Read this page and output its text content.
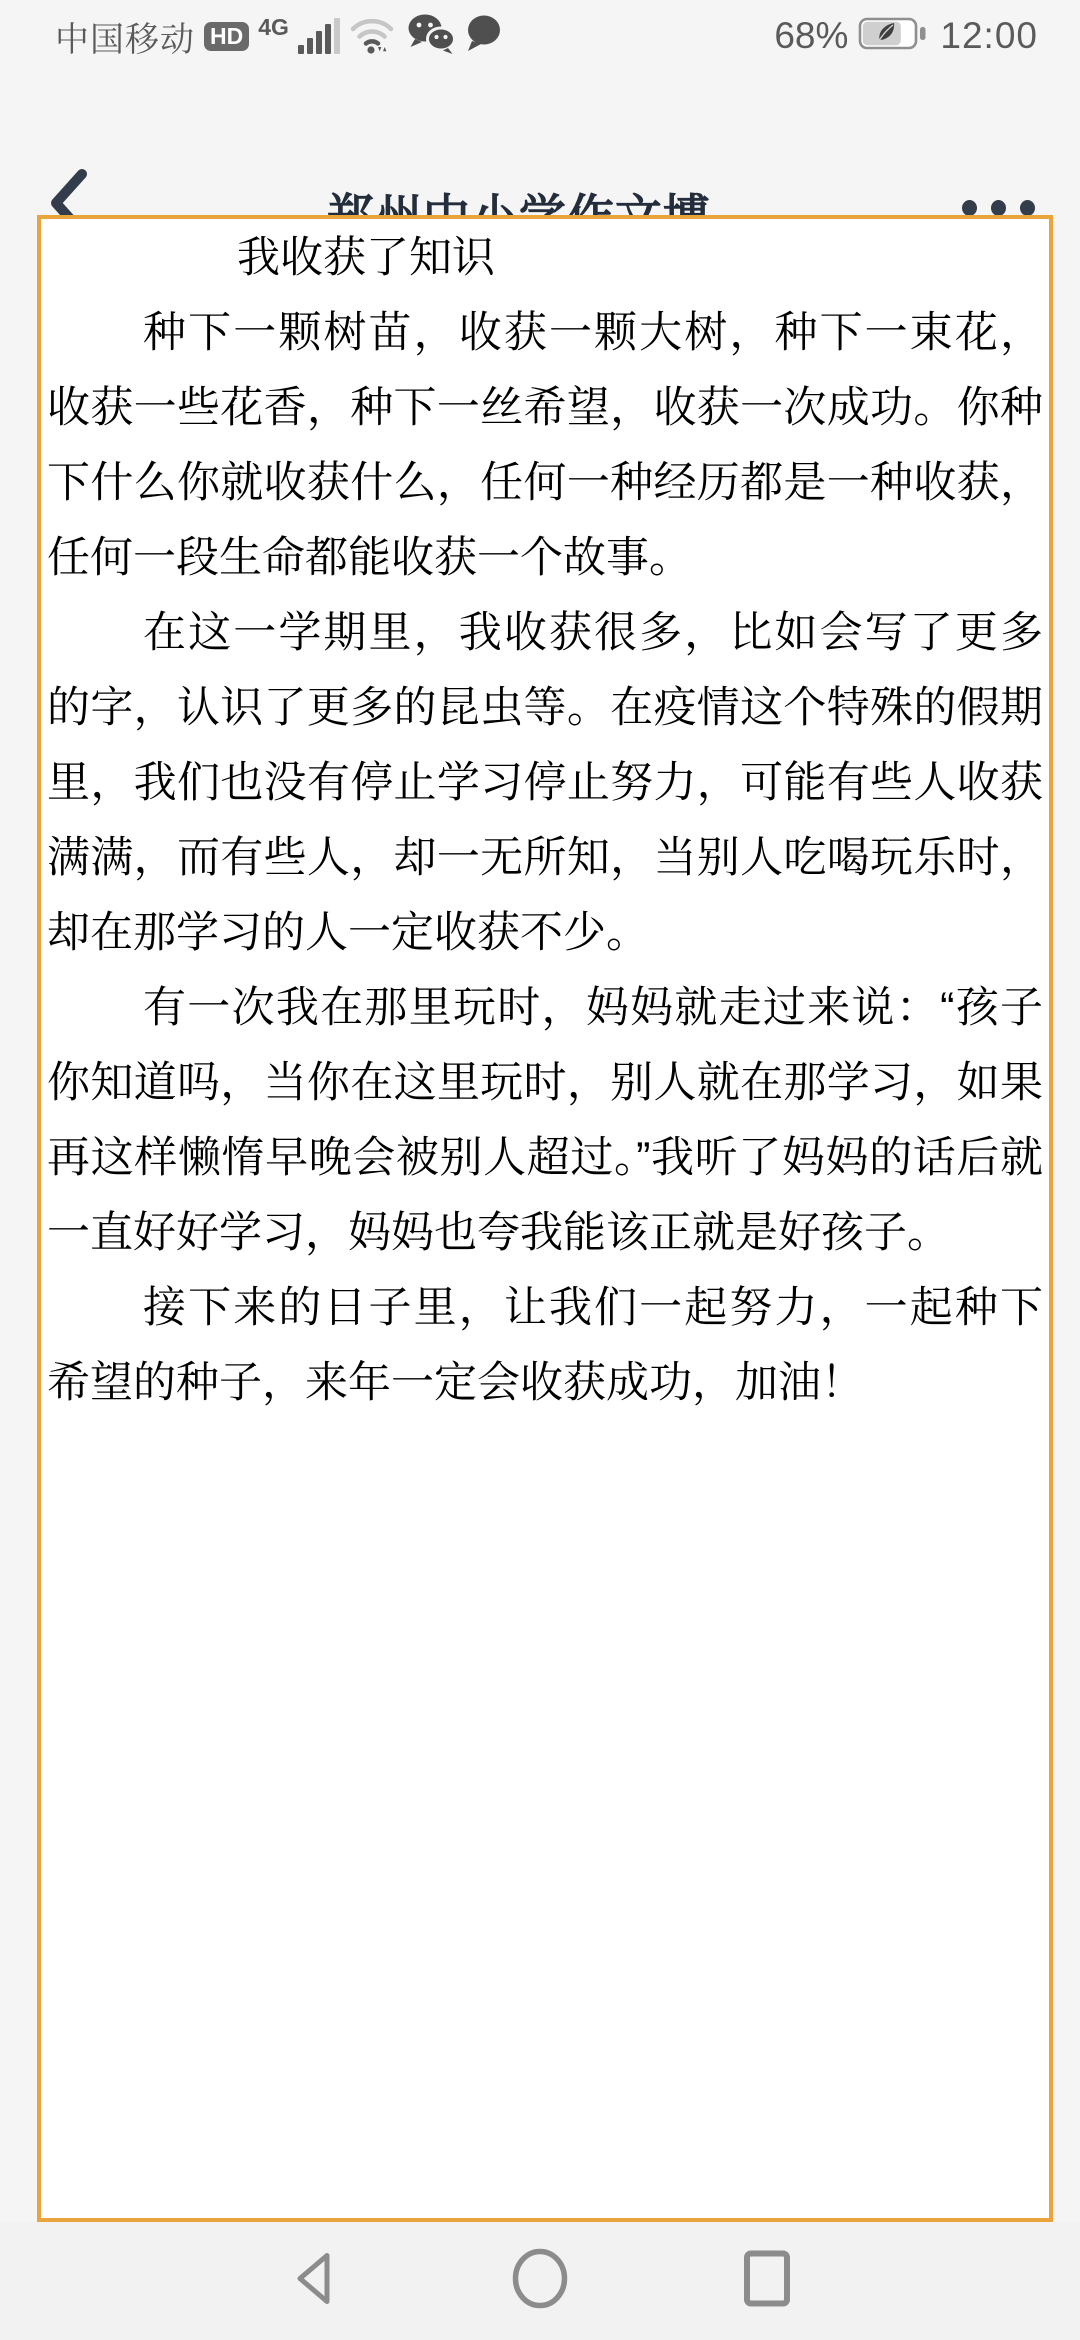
中国移动 HD 4G	68% 12:00
我收获了知识

种下一颗树苗，收获一颗大树，种下一束花，收获一些花香，种下一丝希望，收获一次成功。你种下什么你就收获什么，任何一种经历都是一种收获，任何一段生命都能收获一个故事。

在这一学期里，我收获很多，比如会写了更多的字，认识了更多的昆虫等。在疫情这个特殊的假期里，我们也没有停止学习停止努力，可能有些人收获满满，而有些人，却一无所知，当别人吃喝玩乐时，却在那学习的人一定收获不少。

有一次我在那里玩时，妈妈就走过来说：“孩子你知道吗，当你在这里玩时，别人就在那学习，如果再这样懒惰早晚会被别人超过。”我听了妈妈的话后就一直好好学习，妈妈也夸我能该正就是好孩子。

接下来的日子里，让我们一起努力，一起种下希望的种子，来年一定会收获成功，加油！
